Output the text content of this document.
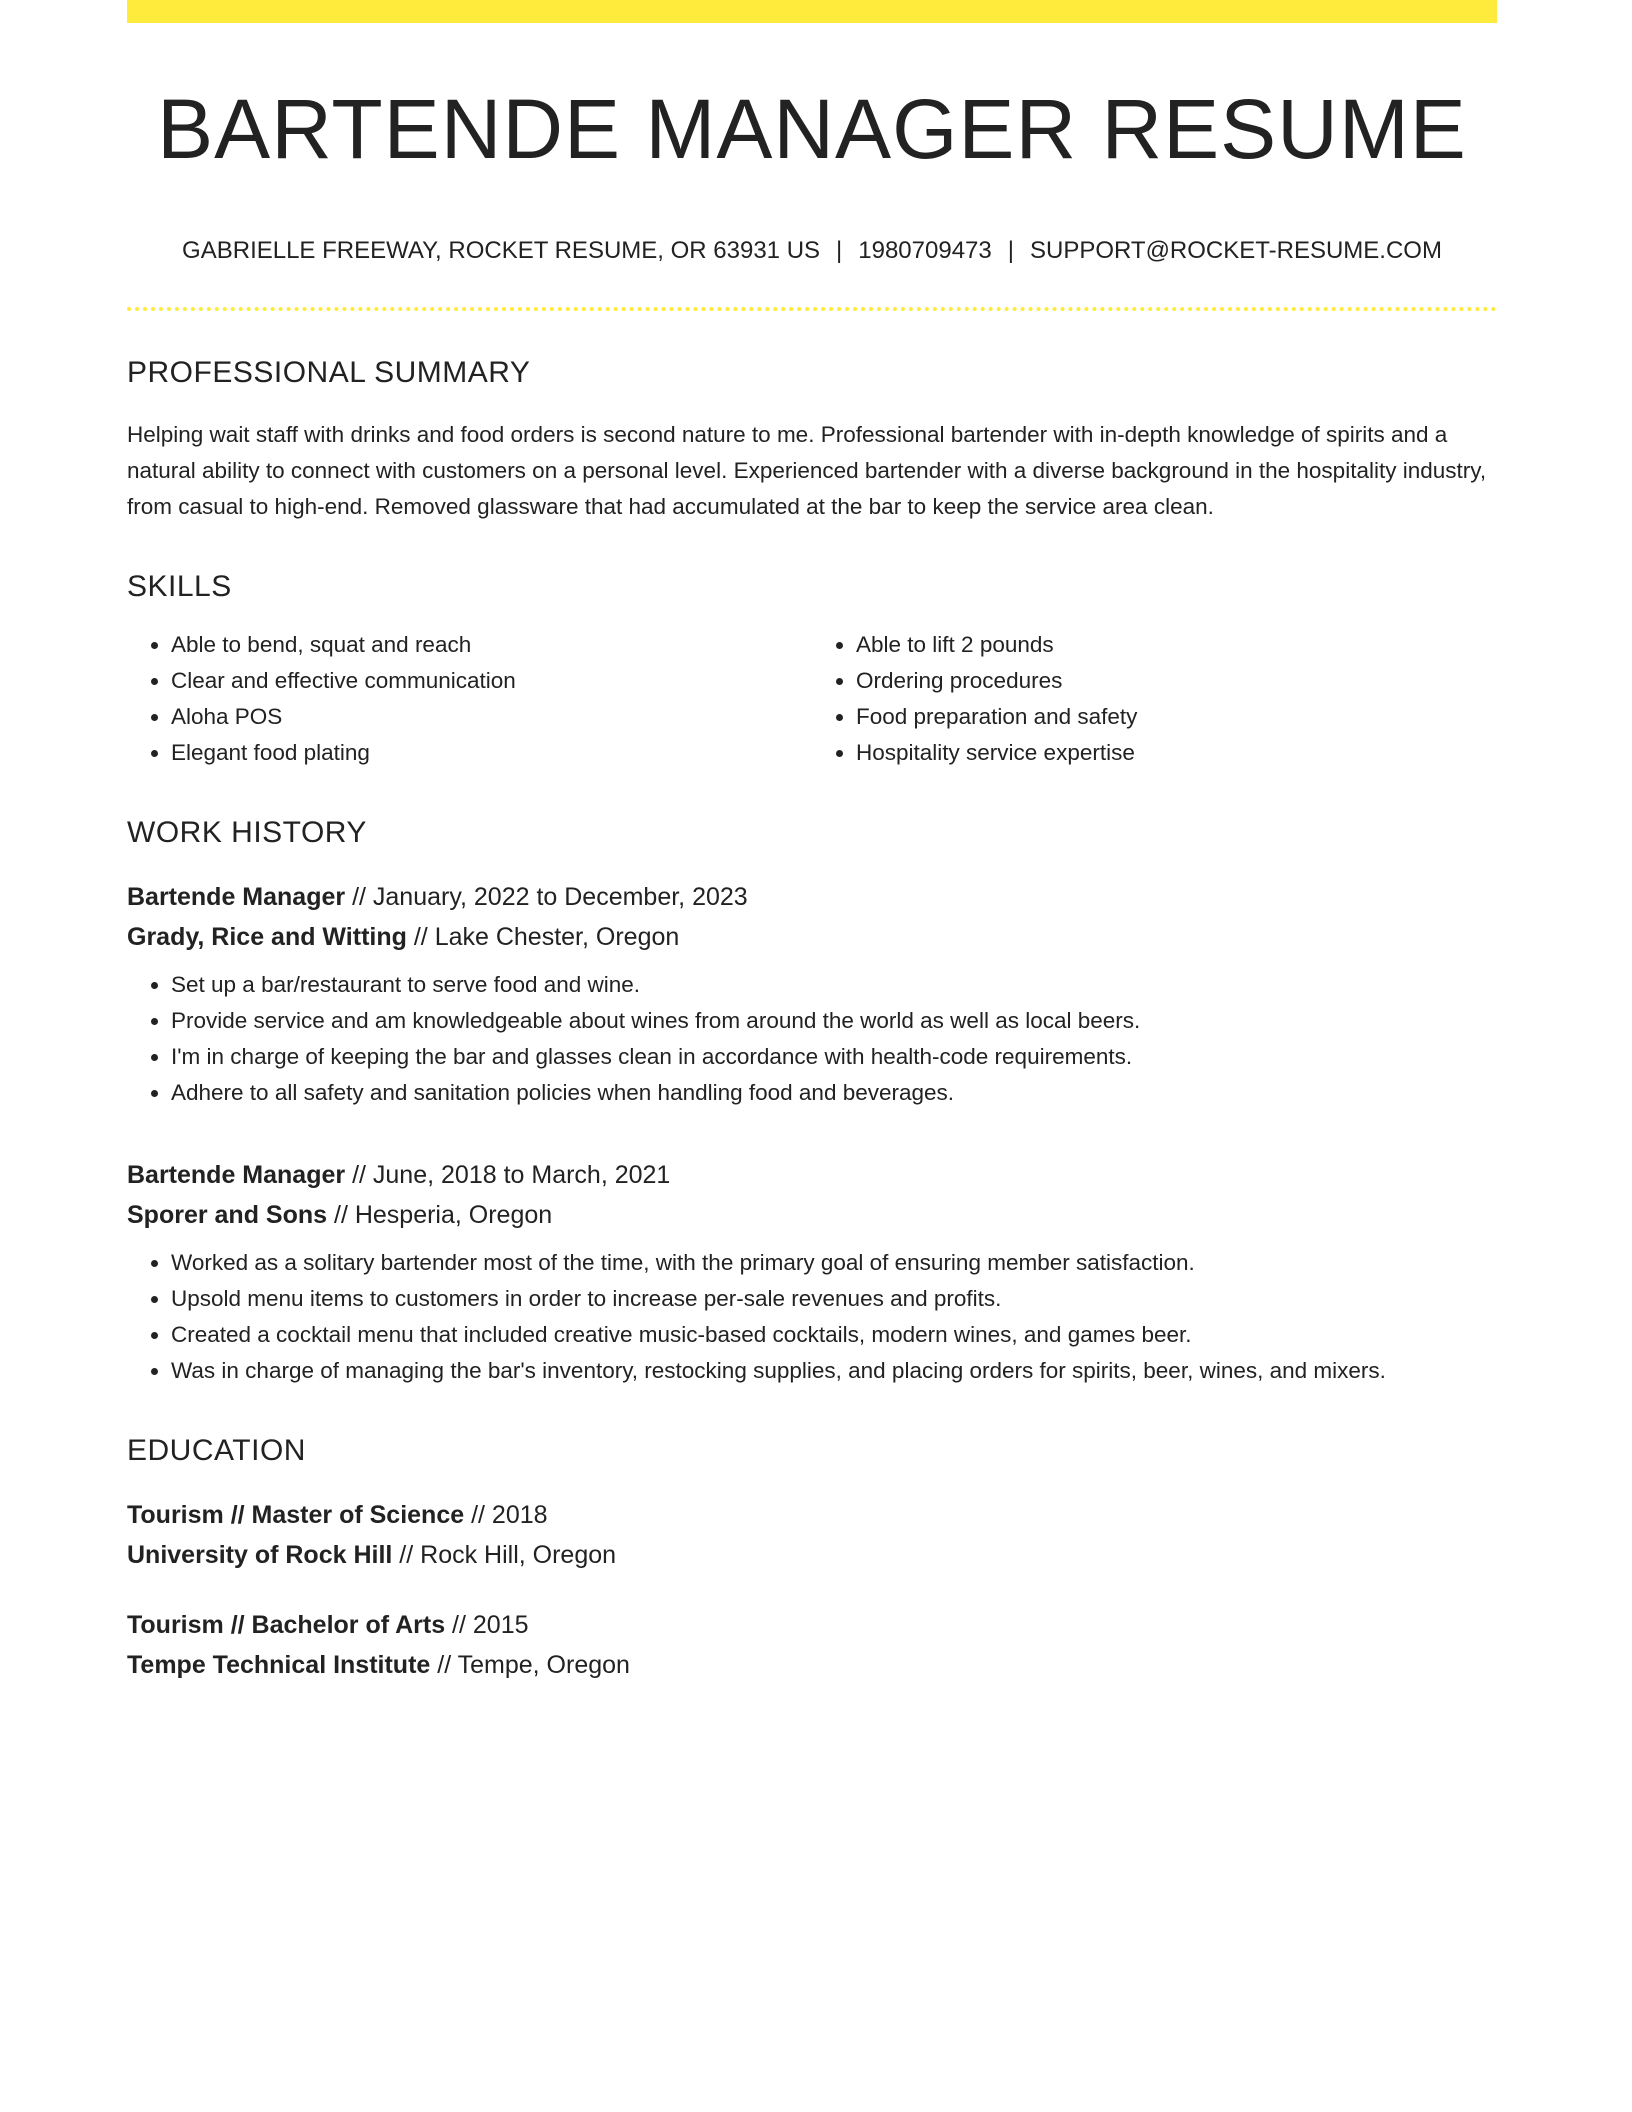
BARTENDE MANAGER RESUME
GABRIELLE FREEWAY, ROCKET RESUME, OR 63931 US | 1980709473 | SUPPORT@ROCKET-RESUME.COM
PROFESSIONAL SUMMARY

Helping wait staff with drinks and food orders is second nature to me. Professional bartender with in-depth knowledge of spirits and a natural ability to connect with customers on a personal level. Experienced bartender with a diverse background in the hospitality industry, from casual to high-end. Removed glassware that had accumulated at the bar to keep the service area clean.

SKILLS
• Able to bend, squat and reach
• Clear and effective communication
• Aloha POS
• Elegant food plating
• Able to lift 2 pounds
• Ordering procedures
• Food preparation and safety
• Hospitality service expertise
WORK HISTORY
Bartende Manager // January, 2022 to December, 2023
Grady, Rice and Witting // Lake Chester, Oregon
• Set up a bar/restaurant to serve food and wine.
• Provide service and am knowledgeable about wines from around the world as well as local beers.
• I'm in charge of keeping the bar and glasses clean in accordance with health-code requirements.
• Adhere to all safety and sanitation policies when handling food and beverages.
Bartende Manager // June, 2018 to March, 2021
Sporer and Sons // Hesperia, Oregon
• Worked as a solitary bartender most of the time, with the primary goal of ensuring member satisfaction.
• Upsold menu items to customers in order to increase per-sale revenues and profits.
• Created a cocktail menu that included creative music-based cocktails, modern wines, and games beer.
• Was in charge of managing the bar's inventory, restocking supplies, and placing orders for spirits, beer, wines, and mixers.
EDUCATION
Tourism // Master of Science // 2018
University of Rock Hill // Rock Hill, Oregon
Tourism // Bachelor of Arts // 2015
Tempe Technical Institute // Tempe, Oregon
